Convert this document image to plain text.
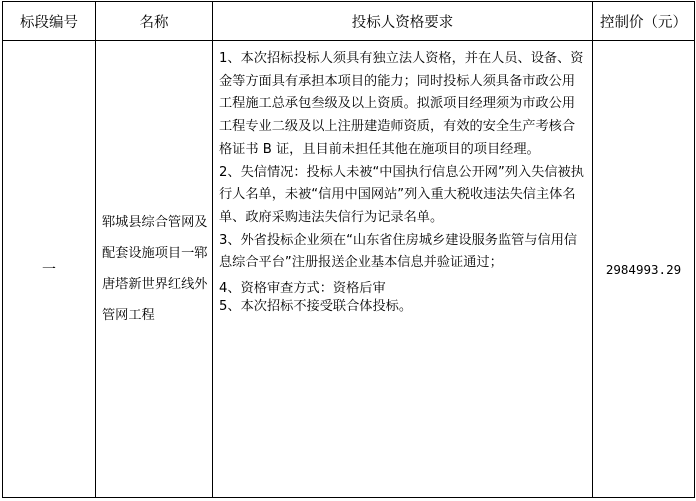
标段编号	名称	投标人资格要求	控制价（元）
一	郓城县综合管网及配套设施项目一郓唐塔新世界红线外管网工程	1、本次招标投标人须具有独立法人资格，并在人员、设备、资金等方面具有承担本项目的能力；同时投标人须具备市政公用工程施工总承包叁级及以上资质。拟派项目经理须为市政公用工程专业二级及以上注册建造师资质，有效的安全生产考核合格证书 B 证，且目前未担任其他在施项目的项目经理。

2、失信情况：投标人未被“中国执行信息公开网”列入失信被执行人名单，未被“信用中国网站”列入重大税收违法失信主体名单、政府采购违法失信行为记录名单。

3、外省投标企业须在“山东省住房城乡建设服务监管与信用信息综合平台”注册报送企业基本信息并验证通过；

4、资格审查方式：资格后审

5、本次招标不接受联合体投标。	2984993.29
